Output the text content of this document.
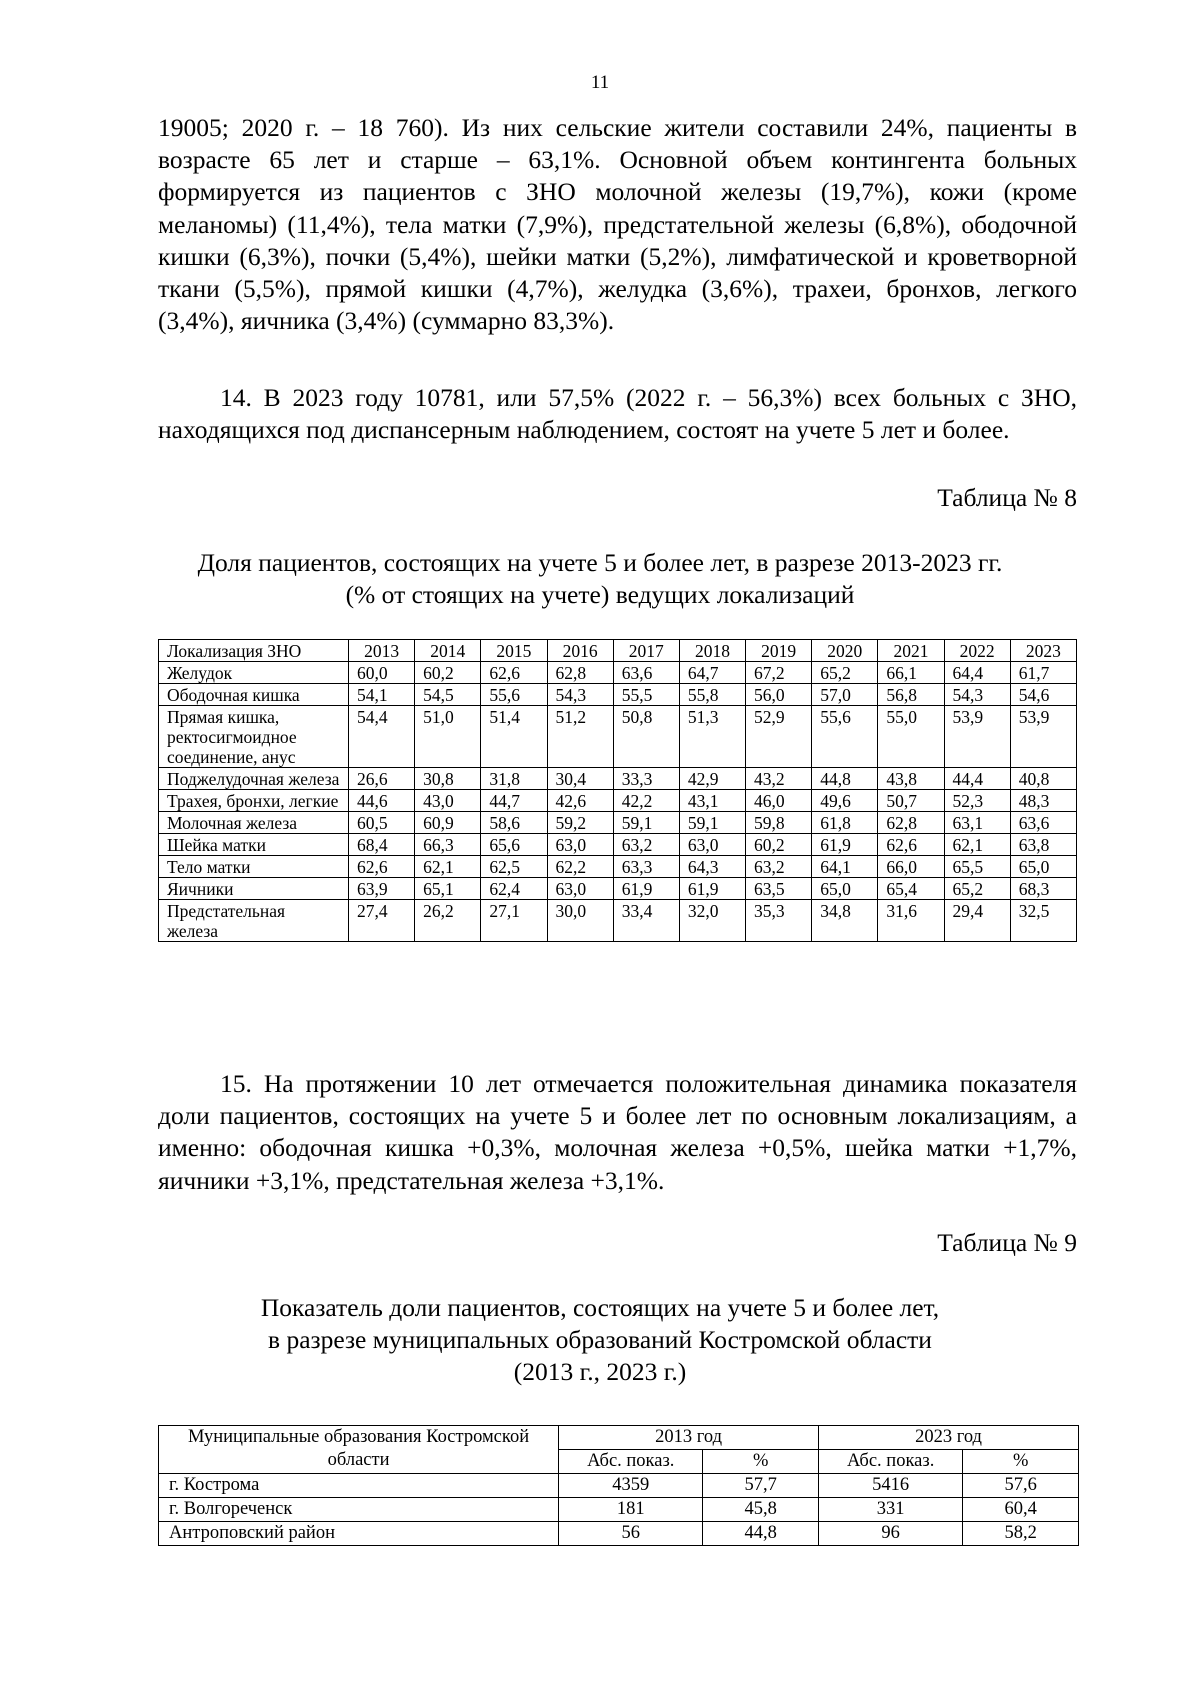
11

19005; 2020 г. – 18 760). Из них сельские жители составили 24%, пациенты в возрасте 65 лет и старше – 63,1%. Основной объем контингента больных формируется из пациентов с ЗНО молочной железы (19,7%), кожи (кроме меланомы) (11,4%), тела матки (7,9%), предстательной железы (6,8%), ободочной кишки (6,3%), почки (5,4%), шейки матки (5,2%), лимфатической и кроветворной ткани (5,5%), прямой кишки (4,7%), желудка (3,6%), трахеи, бронхов, легкого (3,4%), яичника (3,4%) (суммарно 83,3%).

14. В 2023 году 10781, или 57,5% (2022 г. – 56,3%) всех больных с ЗНО, находящихся под диспансерным наблюдением, состоят на учете 5 лет и более.

Таблица № 8
Доля пациентов, состоящих на учете 5 и более лет, в разрезе 2013-2023 гг.
(% от стоящих на учете) ведущих локализаций
Локализация ЗНО	2013	2014	2015	2016	2017	2018	2019	2020	2021	2022	2023
Желудок	60,0	60,2	62,6	62,8	63,6	64,7	67,2	65,2	66,1	64,4	61,7
Ободочная кишка	54,1	54,5	55,6	54,3	55,5	55,8	56,0	57,0	56,8	54,3	54,6
Прямая кишка, ректосигмоидное соединение, анус	54,4	51,0	51,4	51,2	50,8	51,3	52,9	55,6	55,0	53,9	53,9
Поджелудочная железа	26,6	30,8	31,8	30,4	33,3	42,9	43,2	44,8	43,8	44,4	40,8
Трахея, бронхи, легкие	44,6	43,0	44,7	42,6	42,2	43,1	46,0	49,6	50,7	52,3	48,3
Молочная железа	60,5	60,9	58,6	59,2	59,1	59,1	59,8	61,8	62,8	63,1	63,6
Шейка матки	68,4	66,3	65,6	63,0	63,2	63,0	60,2	61,9	62,6	62,1	63,8
Тело матки	62,6	62,1	62,5	62,2	63,3	64,3	63,2	64,1	66,0	65,5	65,0
Яичники	63,9	65,1	62,4	63,0	61,9	61,9	63,5	65,0	65,4	65,2	68,3
Предстательная железа	27,4	26,2	27,1	30,0	33,4	32,0	35,3	34,8	31,6	29,4	32,5

15. На протяжении 10 лет отмечается положительная динамика показателя доли пациентов, состоящих на учете 5 и более лет по основным локализациям, а именно: ободочная кишка +0,3%, молочная железа +0,5%, шейка матки +1,7%, яичники +3,1%, предстательная железа +3,1%.

Таблица № 9
Показатель доли пациентов, состоящих на учете 5 и более лет,
в разрезе муниципальных образований Костромской области
(2013 г., 2023 г.)
Муниципальные образования Костромской области	2013 год		2023 год	
	Абс. показ.	%	Абс. показ.	%
г. Кострома	4359	57,7	5416	57,6
г. Волгореченск	181	45,8	331	60,4
Антроповский район	56	44,8	96	58,2
